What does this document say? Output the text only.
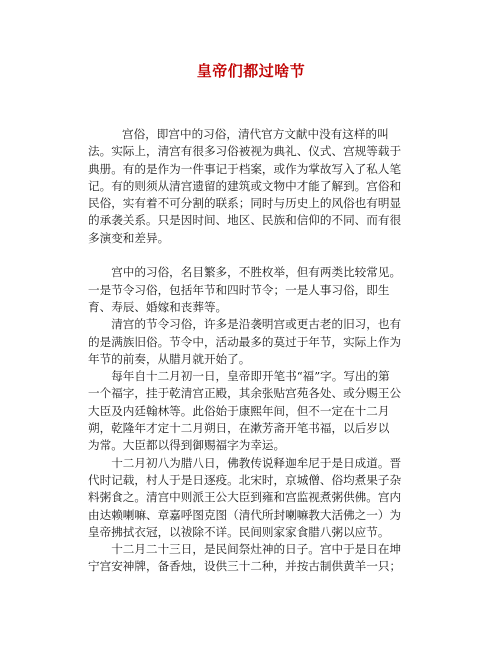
皇帝们都过啥节
宫俗，即宫中的习俗，清代官方文献中没有这样的叫
法。实际上，清宫有很多习俗被视为典礼、仪式、宫规等载于
典册。有的是作为一件事记于档案，或作为掌故写入了私人笔
记。有的则须从清宫遗留的建筑或文物中才能了解到。宫俗和
民俗，实有着不可分割的联系；同时与历史上的风俗也有明显
的承袭关系。只是因时间、地区、民族和信仰的不同、而有很
多演变和差异。
宫中的习俗，名目繁多，不胜枚举，但有两类比较常见。
一是节令习俗，包括年节和四时节令；一是人事习俗，即生
育、寿辰、婚嫁和丧葬等。
清宫的节令习俗，许多是沿袭明宫或更古老的旧习，也有
的是满族旧俗。节令中，活动最多的莫过于年节，实际上作为
年节的前奏，从腊月就开始了。
每年自十二月初一日，皇帝即开笔书“福”字。写出的第
一个福字，挂于乾清宫正殿，其余张贴宫苑各处、或分赐王公
大臣及内廷翰林等。此俗始于康熙年间，但不一定在十二月
朔，乾隆年才定十二月朔日，在漱芳斋开笔书福，以后岁以
为常。大臣都以得到御赐福字为幸运。
十二月初八为腊八日，佛教传说释迦牟尼于是日成道。晋
代时记载，村人于是日逐疫。北宋时，京城僧、俗均煮果子杂
料粥食之。清宫中则派王公大臣到雍和宫监视煮粥供佛。宫内
由达赖喇嘛、章嘉呼图克图（清代所封喇嘛教大活佛之一）为
皇帝拂拭衣冠，以祓除不详。民间则家家食腊八粥以应节。
十二月二十三日，是民间祭灶神的日子。宫中于是日在坤
宁宫安神牌，备香烛，设供三十二种，并按古制供黄羊一只；
